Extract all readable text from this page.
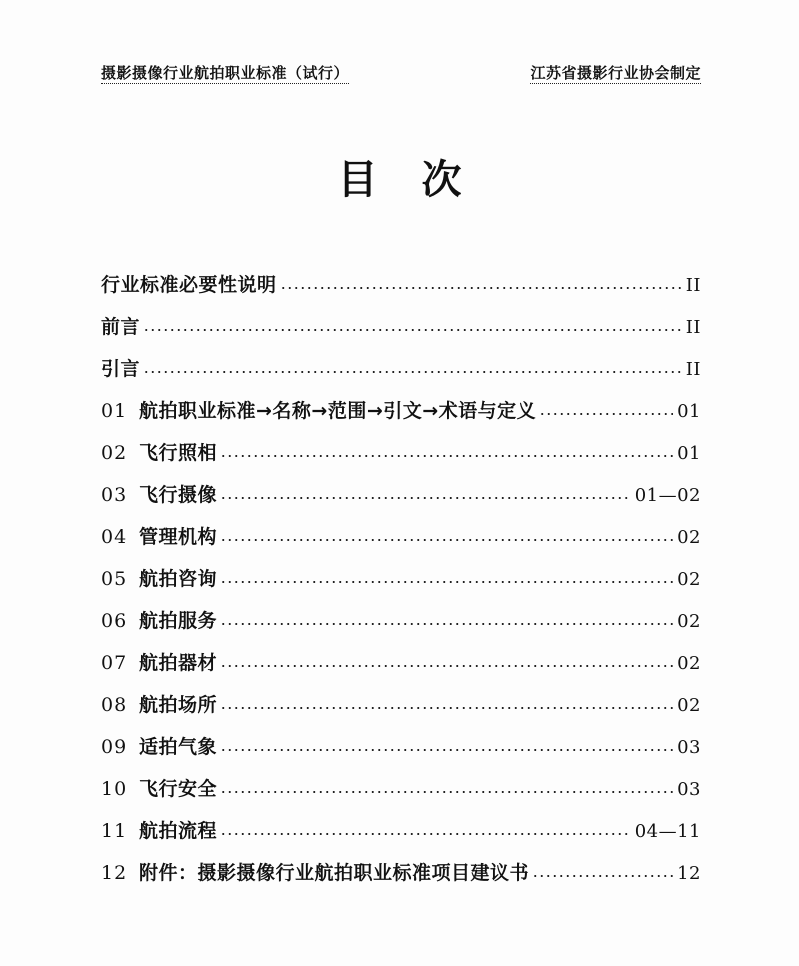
摄影摄像行业航拍职业标准（试行）	江苏省摄影行业协会制定
目次
行业标准必要性说明	II
前言	II
引言	II
01 航拍职业标准→名称→范围→引文→术语与定义	01
02 飞行照相	01
03 飞行摄像	01—02
04 管理机构	02
05 航拍咨询	02
06 航拍服务	02
07 航拍器材	02
08 航拍场所	02
09 适拍气象	03
10 飞行安全	03
11 航拍流程	04—11
12 附件：摄影摄像行业航拍职业标准项目建议书	12
